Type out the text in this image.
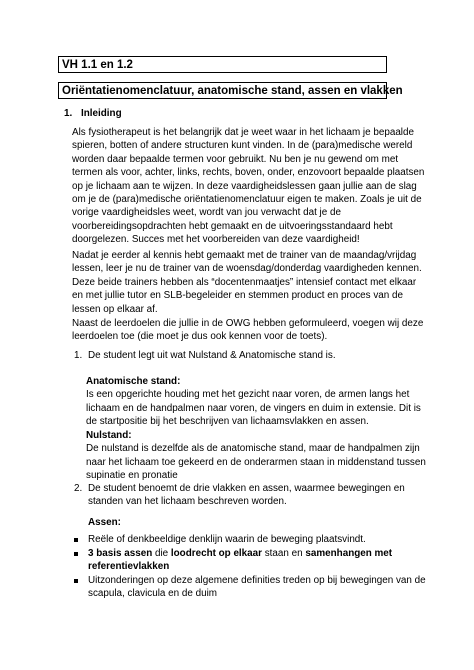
VH 1.1 en 1.2
Oriëntatienomenclatuur, anatomische stand, assen en vlakken
1. Inleiding
Als fysiotherapeut is het belangrijk dat je weet waar in het lichaam je bepaalde
spieren, botten of andere structuren kunt vinden. In de (para)medische wereld
worden daar bepaalde termen voor gebruikt. Nu ben je nu gewend om met
termen als voor, achter, links, rechts, boven, onder, enzovoort bepaalde plaatsen
op je lichaam aan te wijzen. In deze vaardigheidslessen gaan jullie aan de slag
om je de (para)medische oriëntatienomenclatuur eigen te maken. Zoals je uit de
vorige vaardigheidsles weet, wordt van jou verwacht dat je de
voorbereidingsopdrachten hebt gemaakt en de uitvoeringsstandaard hebt
doorgelezen. Succes met het voorbereiden van deze vaardigheid!
Nadat je eerder al kennis hebt gemaakt met de trainer van de maandag/vrijdag
lessen, leer je nu de trainer van de woensdag/donderdag vaardigheden kennen.
Deze beide trainers hebben als “docentenmaatjes” intensief contact met elkaar
en met jullie tutor en SLB-begeleider en stemmen product en proces van de
lessen op elkaar af.
Naast de leerdoelen die jullie in de OWG hebben geformuleerd, voegen wij deze
leerdoelen toe (die moet je dus ook kennen voor de toets).
1. De student legt uit wat Nulstand & Anatomische stand is.
Anatomische stand:
Is een opgerichte houding met het gezicht naar voren, de armen langs het
lichaam en de handpalmen naar voren, de vingers en duim in extensie. Dit is
de startpositie bij het beschrijven van lichaamsvlakken en assen.
Nulstand:
De nulstand is dezelfde als de anatomische stand, maar de handpalmen zijn
naar het lichaam toe gekeerd en de onderarmen staan in middenstand tussen
supinatie en pronatie
2. De student benoemt de drie vlakken en assen, waarmee bewegingen en
standen van het lichaam beschreven worden.
Assen:
Reële of denkbeeldige denklijn waarin de beweging plaatsvindt.
3 basis assen die loodrecht op elkaar staan en samenhangen met
referentievlakken
Uitzonderingen op deze algemene definities treden op bij bewegingen van de
scapula, clavicula en de duim
